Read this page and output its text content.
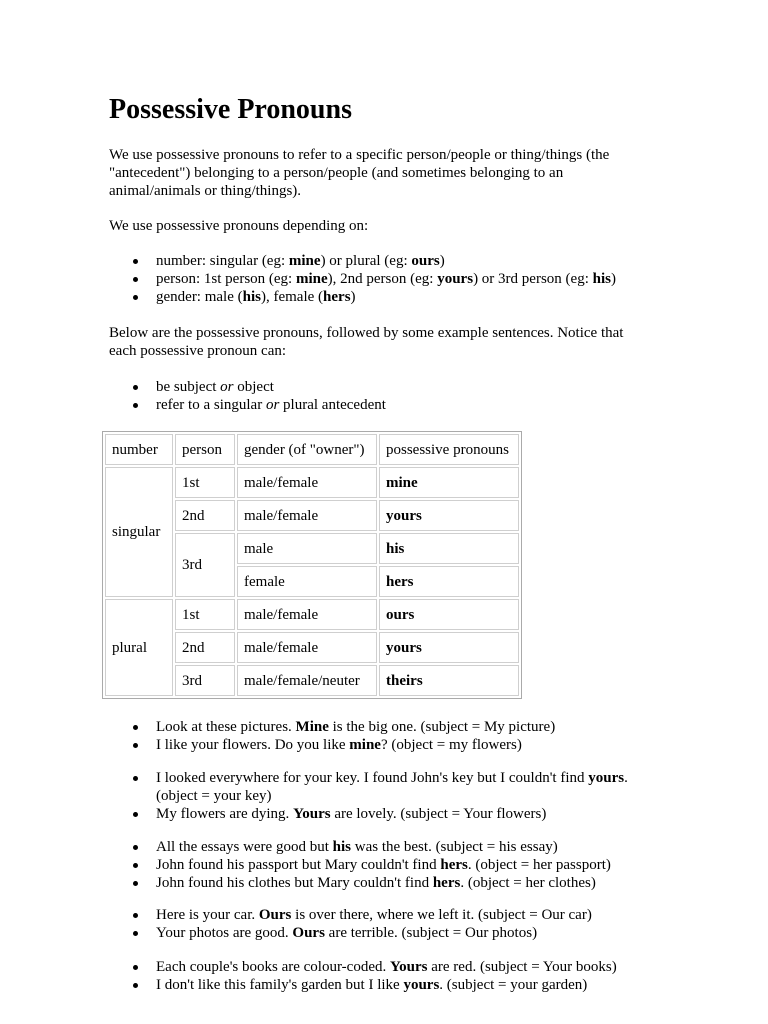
Possessive Pronouns

We use possessive pronouns to refer to a specific person/people or thing/things (the "antecedent") belonging to a person/people (and sometimes belonging to an animal/animals or thing/things).

We use possessive pronouns depending on:

number: singular (eg: mine) or plural (eg: ours)
person: 1st person (eg: mine), 2nd person (eg: yours) or 3rd person (eg: his)
gender: male (his), female (hers)

Below are the possessive pronouns, followed by some example sentences. Notice that each possessive pronoun can:

be subject or object
refer to a singular or plural antecedent
number	person	gender (of "owner")	possessive pronouns
singular	1st	male/female	mine
	2nd	male/female	yours
	3rd	male	his
		female	hers
plural	1st	male/female	ours
	2nd	male/female	yours
	3rd	male/female/neuter	theirs
Look at these pictures. Mine is the big one. (subject = My picture)
I like your flowers. Do you like mine? (object = my flowers)
I looked everywhere for your key. I found John's key but I couldn't find yours. (object = your key)
My flowers are dying. Yours are lovely. (subject = Your flowers)
All the essays were good but his was the best. (subject = his essay)
John found his passport but Mary couldn't find hers. (object = her passport)
John found his clothes but Mary couldn't find hers. (object = her clothes)
Here is your car. Ours is over there, where we left it. (subject = Our car)
Your photos are good. Ours are terrible. (subject = Our photos)
Each couple's books are colour-coded. Yours are red. (subject = Your books)
I don't like this family's garden but I like yours. (subject = your garden)
